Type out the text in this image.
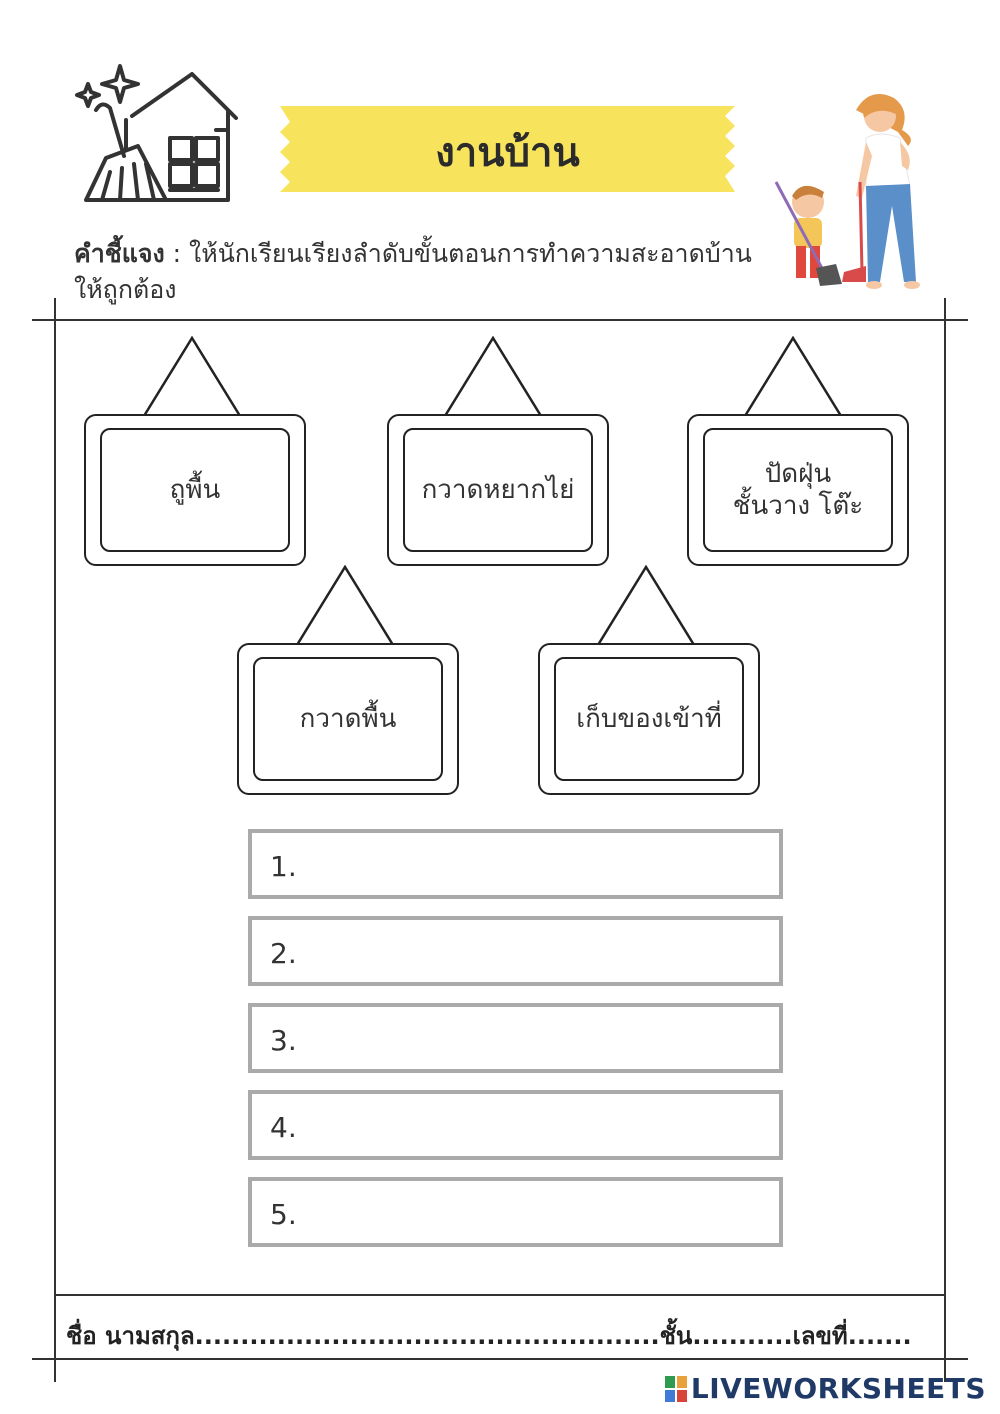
งานบ้าน
คำชี้แจง : ให้นักเรียนเรียงลำดับขั้นตอนการทำความสะอาดบ้านให้ถูกต้อง
ถูพื้น	กวาดหยากไย่
ปัดฝุ่น
ชั้นวาง โต๊ะ
กวาดพื้น	เก็บของเข้าที่
1.
2.
3.
4.
5.
ชื่อ นามสกุล...................................................ชั้น...........เลขที่.......
LIVEWORKSHEETS
